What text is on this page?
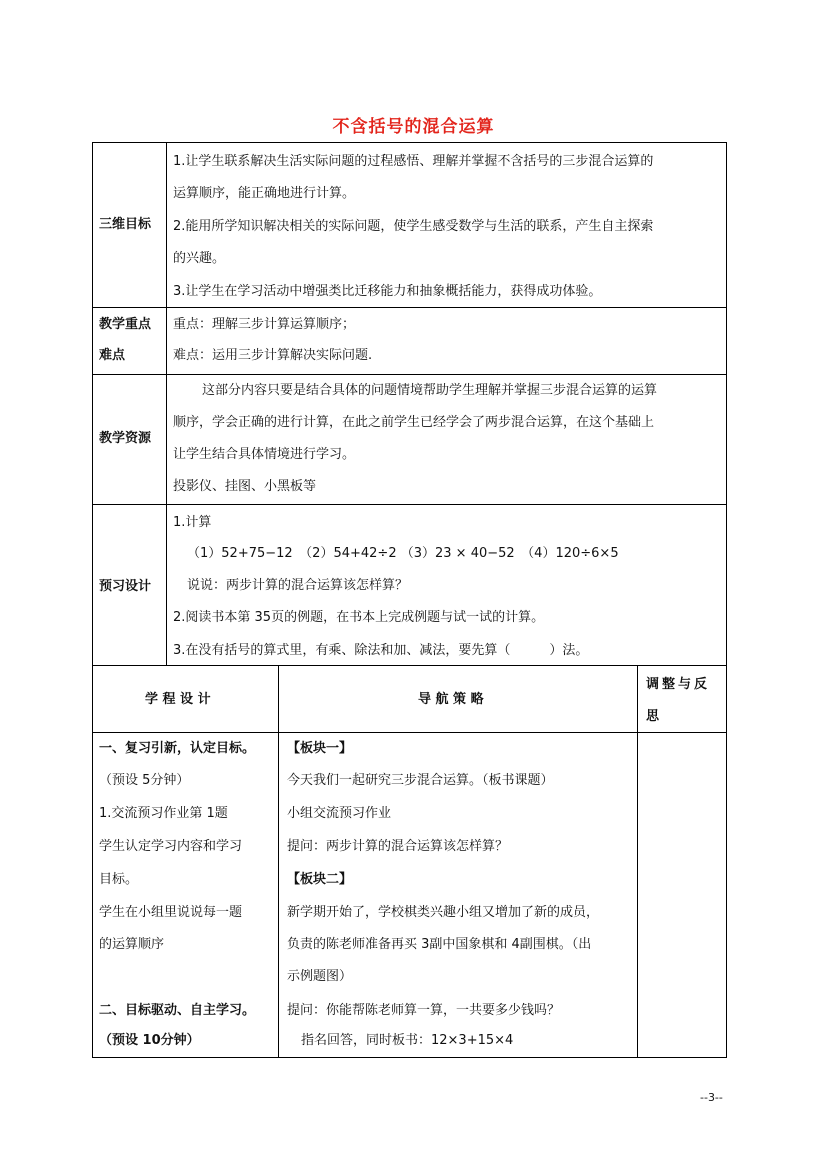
不含括号的混合运算
三维目标
1.让学生联系解决生活实际问题的过程感悟、理解并掌握不含括号的三步混合运算的
运算顺序，能正确地进行计算。
2.能用所学知识解决相关的实际问题，使学生感受数学与生活的联系，产生自主探索
的兴趣。
3.让学生在学习活动中增强类比迁移能力和抽象概括能力，获得成功体验。
教学重点
难点
重点：理解三步计算运算顺序；
难点：运用三步计算解决实际问题.
教学资源
这部分内容只要是结合具体的问题情境帮助学生理解并掌握三步混合运算的运算
顺序，学会正确的进行计算，在此之前学生已经学会了两步混合运算，在这个基础上
让学生结合具体情境进行学习。
投影仪、挂图、小黑板等
预习设计
1.计算
（1）52+75−12　（2）54+42÷2 （3）23 × 40−52　（4）120÷6×5
说说：两步计算的混合运算该怎样算？
2.阅读书本第 35页的例题，在书本上完成例题与试一试的计算。
3.在没有括号的算式里，有乘、除法和加、减法，要先算（　　　）法。
学 程 设 计	导 航 策 略
调整与反
思
一、复习引新，认定目标。
（预设 5分钟）
1.交流预习作业第 1题
学生认定学习内容和学习
目标。
学生在小组里说说每一题
的运算顺序
二、目标驱动、自主学习。
（预设 10分钟）
【板块一】
今天我们一起研究三步混合运算。（板书课题）
小组交流预习作业
提问：两步计算的混合运算该怎样算？
【板块二】
新学期开始了，学校棋类兴趣小组又增加了新的成员，
负责的陈老师准备再买 3副中国象棋和 4副围棋。（出
示例题图）
提问：你能帮陈老师算一算，一共要多少钱吗？
指名回答，同时板书：12×3+15×4
--3--
